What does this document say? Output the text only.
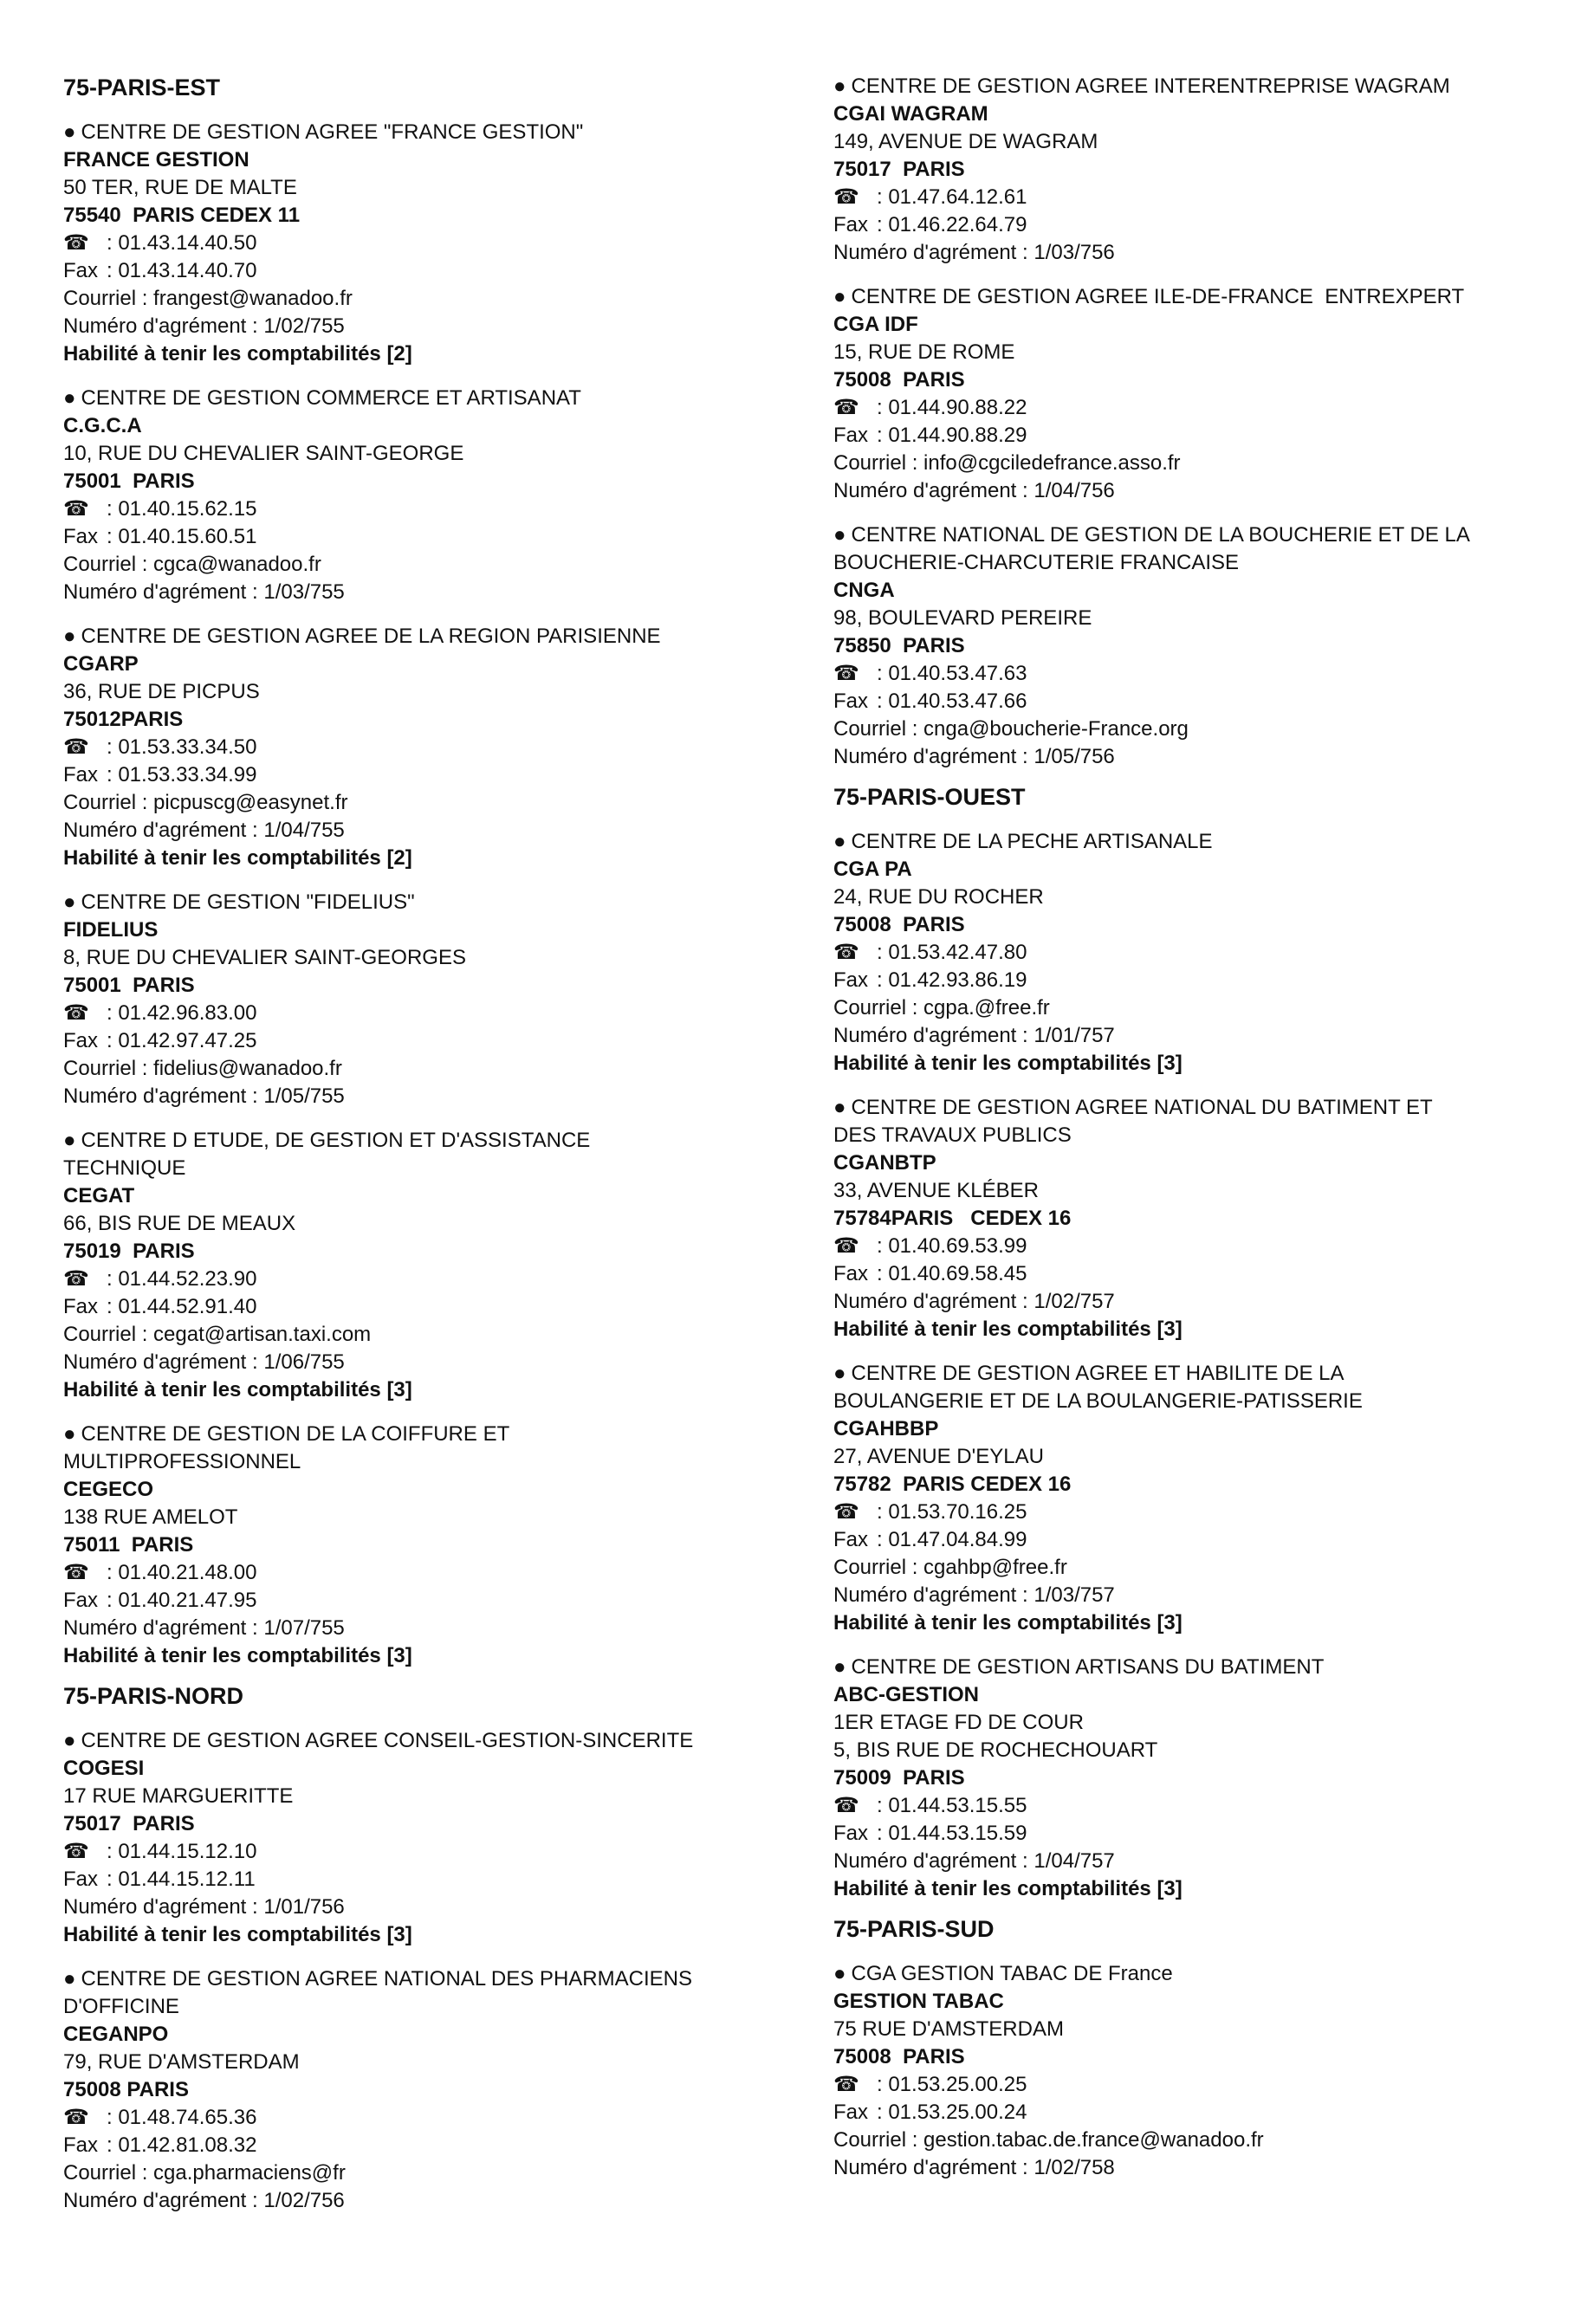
75-PARIS-EST
● CENTRE DE GESTION AGREE "FRANCE GESTION"
FRANCE GESTION
50 TER, RUE DE MALTE
75540  PARIS CEDEX 11
☎ : 01.43.14.40.50
Fax : 01.43.14.40.70
Courriel : frangest@wanadoo.fr
Numéro d'agrément : 1/02/755
Habilité à tenir les comptabilités [2]
● CENTRE DE GESTION COMMERCE ET ARTISANAT
C.G.C.A
10, RUE DU CHEVALIER SAINT-GEORGE
75001  PARIS
☎ : 01.40.15.62.15
Fax : 01.40.15.60.51
Courriel : cgca@wanadoo.fr
Numéro d'agrément : 1/03/755
● CENTRE DE GESTION AGREE DE LA REGION PARISIENNE
CGARP
36, RUE DE PICPUS
75012PARIS
☎ : 01.53.33.34.50
Fax : 01.53.33.34.99
Courriel : picpuscg@easynet.fr
Numéro d'agrément : 1/04/755
Habilité à tenir les comptabilités [2]
● CENTRE DE GESTION "FIDELIUS"
FIDELIUS
8, RUE DU CHEVALIER SAINT-GEORGES
75001  PARIS
☎ : 01.42.96.83.00
Fax : 01.42.97.47.25
Courriel : fidelius@wanadoo.fr
Numéro d'agrément : 1/05/755
● CENTRE D ETUDE, DE GESTION ET D'ASSISTANCE
TECHNIQUE
CEGAT
66, BIS RUE DE MEAUX
75019  PARIS
☎ : 01.44.52.23.90
Fax : 01.44.52.91.40
Courriel : cegat@artisan.taxi.com
Numéro d'agrément : 1/06/755
Habilité à tenir les comptabilités [3]
● CENTRE DE GESTION DE LA COIFFURE ET
MULTIPROFESSIONNEL
CEGECO
138 RUE AMELOT
75011  PARIS
☎ : 01.40.21.48.00
Fax : 01.40.21.47.95
Numéro d'agrément : 1/07/755
Habilité à tenir les comptabilités [3]
75-PARIS-NORD
● CENTRE DE GESTION AGREE CONSEIL-GESTION-SINCERITE
COGESI
17 RUE MARGUERITTE
75017  PARIS
☎ : 01.44.15.12.10
Fax : 01.44.15.12.11
Numéro d'agrément : 1/01/756
Habilité à tenir les comptabilités [3]
● CENTRE DE GESTION AGREE NATIONAL DES PHARMACIENS
D'OFFICINE
CEGANPO
79, RUE D'AMSTERDAM
75008 PARIS
☎ : 01.48.74.65.36
Fax : 01.42.81.08.32
Courriel : cga.pharmaciens@fr
Numéro d'agrément : 1/02/756
● CENTRE DE GESTION AGREE INTERENTREPRISE WAGRAM
CGAI WAGRAM
149, AVENUE DE WAGRAM
75017  PARIS
☎ : 01.47.64.12.61
Fax : 01.46.22.64.79
Numéro d'agrément : 1/03/756
● CENTRE DE GESTION AGREE ILE-DE-FRANCE  ENTREXPERT
CGA IDF
15, RUE DE ROME
75008  PARIS
☎ : 01.44.90.88.22
Fax : 01.44.90.88.29
Courriel : info@cgciledefrance.asso.fr
Numéro d'agrément : 1/04/756
● CENTRE NATIONAL DE GESTION DE LA BOUCHERIE ET DE LA
BOUCHERIE-CHARCUTERIE FRANCAISE
CNGA
98, BOULEVARD PEREIRE
75850  PARIS
☎ : 01.40.53.47.63
Fax : 01.40.53.47.66
Courriel : cnga@boucherie-France.org
Numéro d'agrément : 1/05/756
75-PARIS-OUEST
● CENTRE DE LA PECHE ARTISANALE
CGA PA
24, RUE DU ROCHER
75008  PARIS
☎ : 01.53.42.47.80
Fax : 01.42.93.86.19
Courriel : cgpa.@free.fr
Numéro d'agrément : 1/01/757
Habilité à tenir les comptabilités [3]
● CENTRE DE GESTION AGREE NATIONAL DU BATIMENT ET
DES TRAVAUX PUBLICS
CGANBTP
33, AVENUE KLÉBER
75784PARIS   CEDEX 16
☎ : 01.40.69.53.99
Fax : 01.40.69.58.45
Numéro d'agrément : 1/02/757
Habilité à tenir les comptabilités [3]
● CENTRE DE GESTION AGREE ET HABILITE DE LA
BOULANGERIE ET DE LA BOULANGERIE-PATISSERIE
CGAHBBP
27, AVENUE D'EYLAU
75782  PARIS CEDEX 16
☎ : 01.53.70.16.25
Fax : 01.47.04.84.99
Courriel : cgahbp@free.fr
Numéro d'agrément : 1/03/757
Habilité à tenir les comptabilités [3]
● CENTRE DE GESTION ARTISANS DU BATIMENT
ABC-GESTION
1ER ETAGE FD DE COUR
5, BIS RUE DE ROCHECHOUART
75009  PARIS
☎ : 01.44.53.15.55
Fax : 01.44.53.15.59
Numéro d'agrément : 1/04/757
Habilité à tenir les comptabilités [3]
75-PARIS-SUD
● CGA GESTION TABAC DE France
GESTION TABAC
75 RUE D'AMSTERDAM
75008  PARIS
☎ : 01.53.25.00.25
Fax : 01.53.25.00.24
Courriel : gestion.tabac.de.france@wanadoo.fr
Numéro d'agrément : 1/02/758
